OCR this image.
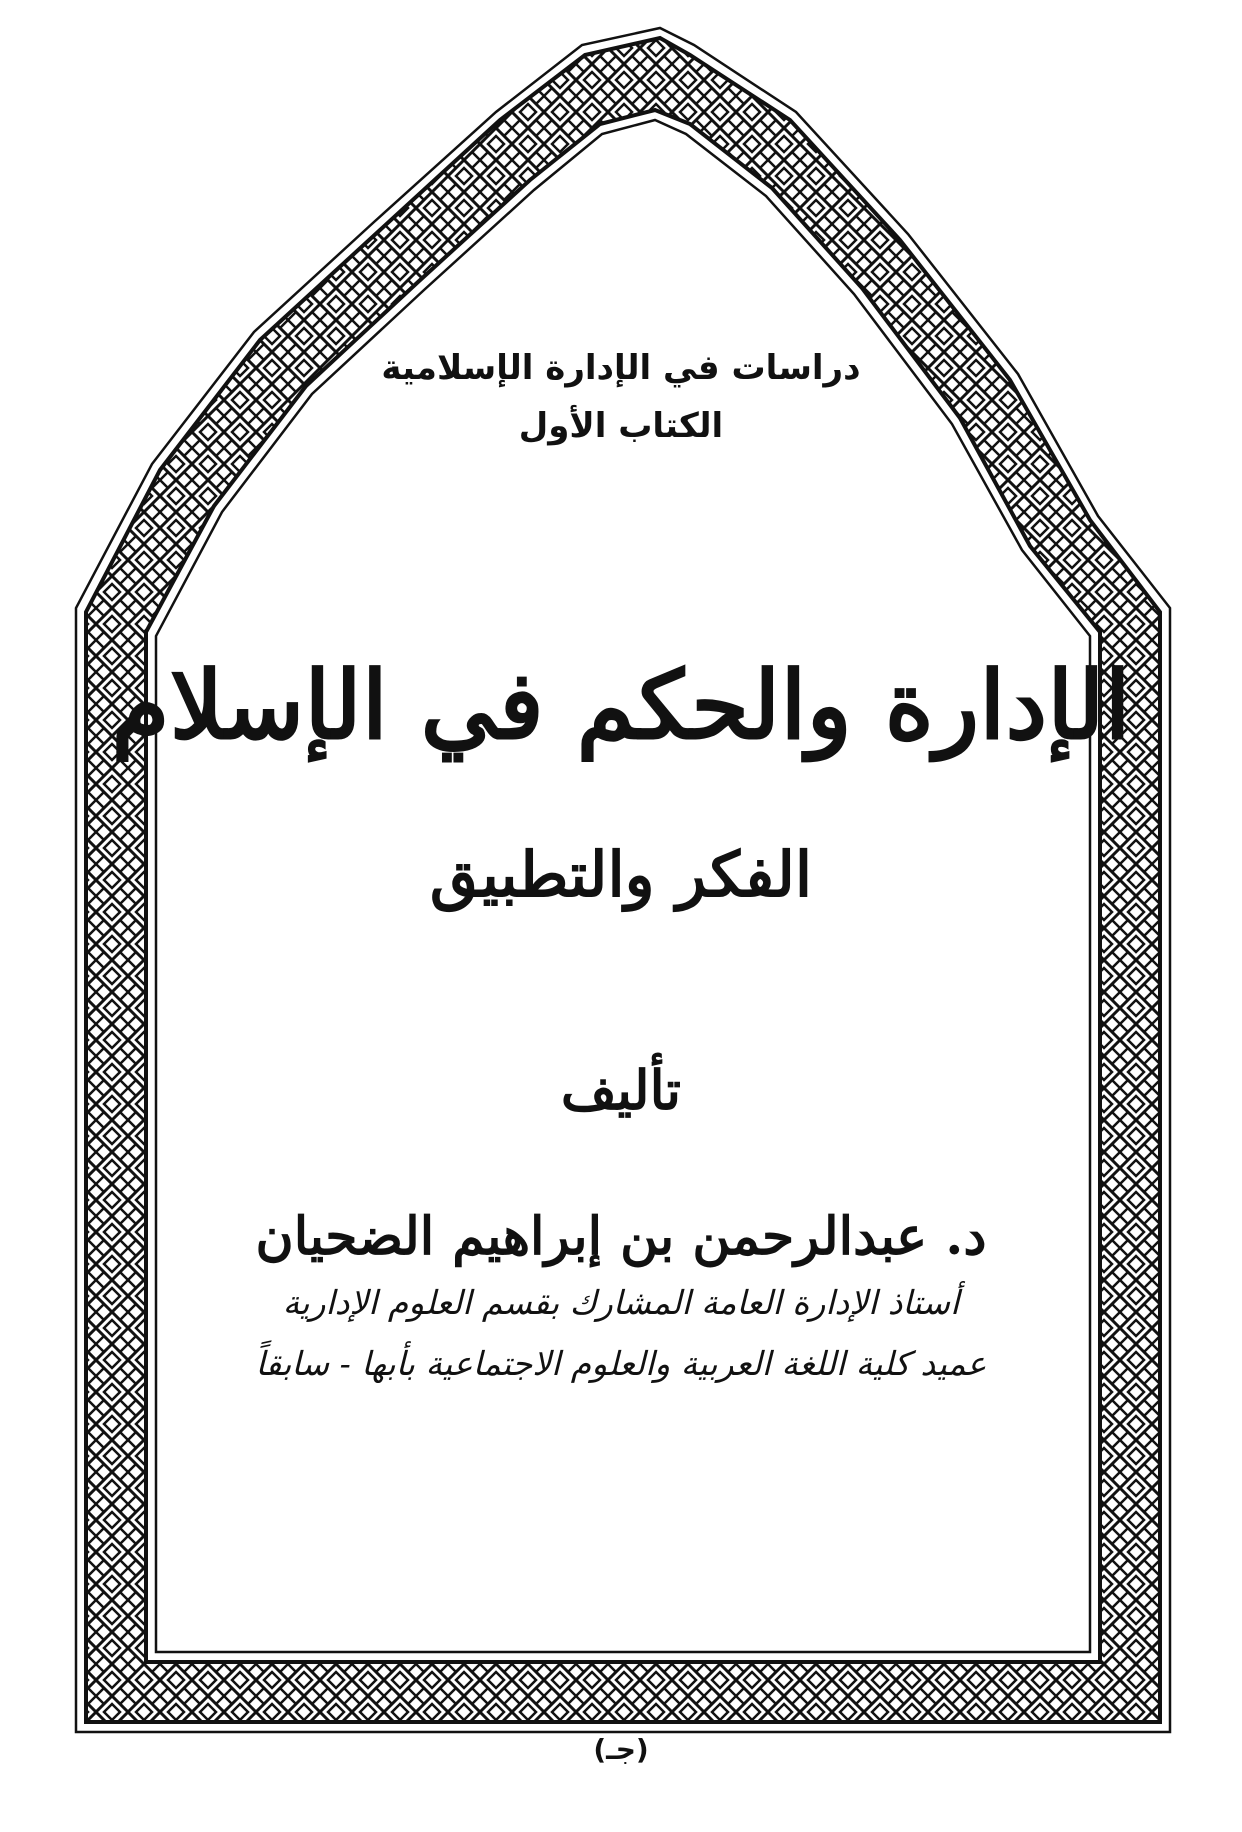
دراسات في الإدارة الإسلامية
الكتاب الأول
الإدارة والحكم في الإسلام
الفكر والتطبيق
تأليف
د. عبدالرحمن بن إبراهيم الضحيان
أستاذ الإدارة العامة المشارك بقسم العلوم الإدارية
عميد كلية اللغة العربية والعلوم الاجتماعية بأبها - سابقاً
(جـ)
